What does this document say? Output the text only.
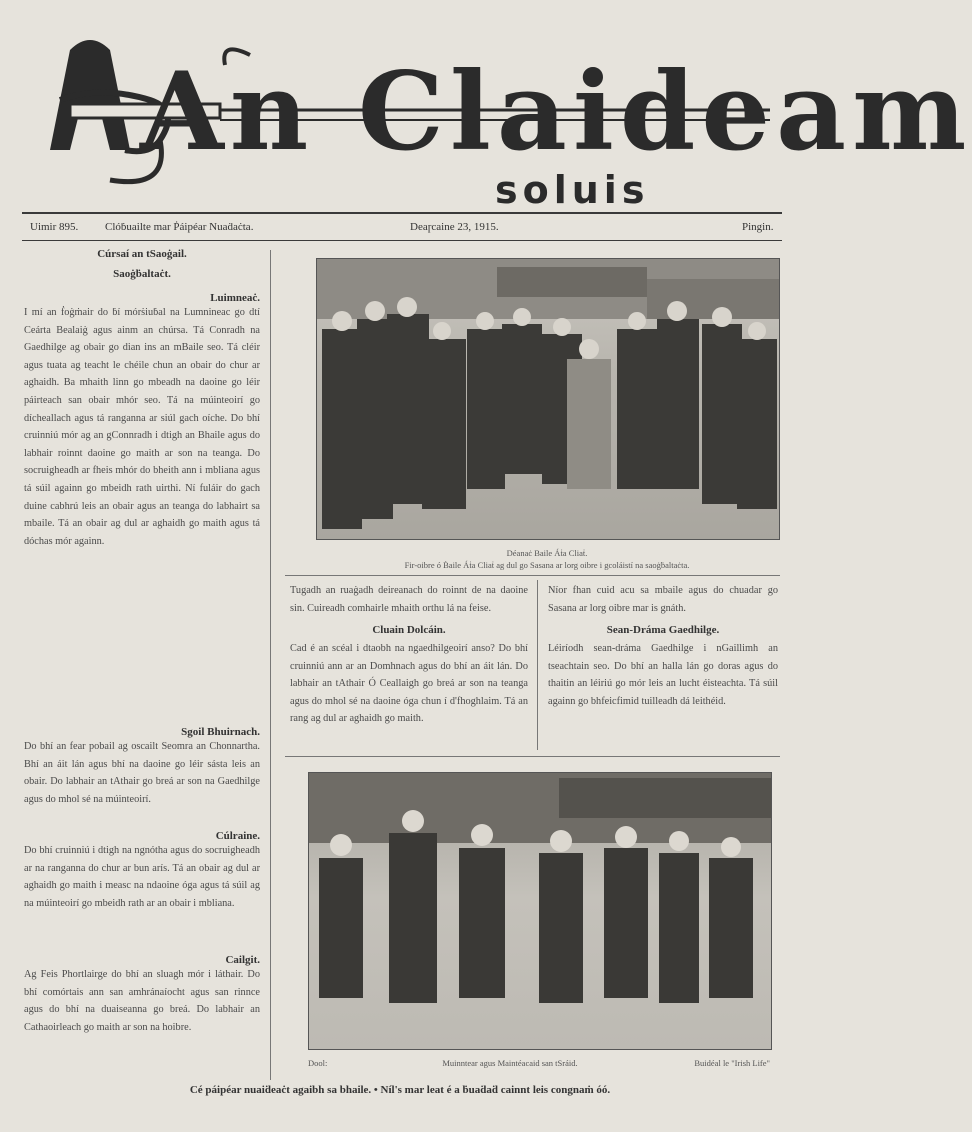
An Claideam
soluis
Uimir 895. Clóḃuailte mar Ṗáipéar Nuaḋaċta.	Deaɼcaine 23, 1915.	Pingin.
Cúrsaí an tSaoġail.
Saoġḃaltaċt.
Luimneaċ.

I mí an ḟoġṁair do ḃí mórṡiuḃal na Lumnineac go dtí Ceárta Bealaiġ agus ainm an chúrsa. Tá Conradh na Gaedhilge ag obair go dian ins an mBaile seo. Tá cléir agus tuata ag teacht le chéile chun an obair do chur ar aghaidh. Ba mhaith linn go mbeadh na daoine go léir páirteach san obair mhór seo. Tá na múinteoirí go dícheallach agus tá ranganna ar siúl gach oíche. Do bhí cruinniú mór ag an gConnradh i dtigh an Bhaile agus do labhair roinnt daoine go maith ar son na teanga. Do socruigheadh ar fheis mhór do bheith ann i mbliana agus tá súil againn go mbeidh rath uirthi. Ní fuláir do gach duine cabhrú leis an obair agus an teanga do labhairt sa mbaile. Tá an obair ag dul ar aghaidh go maith agus tá dóchas mór againn.

Sgoil Bhuirnach.

Do bhí an fear pobail ag oscailt Seomra an Chonnartha. Bhí an áit lán agus bhí na daoine go léir sásta leis an obair. Do labhair an tAthair go breá ar son na Gaedhilge agus do mhol sé na múinteoirí.

Cúlraine.

Do bhí cruinniú i dtigh na ngnótha agus do socruigheadh ar na ranganna do chur ar bun arís. Tá an obair ag dul ar aghaidh go maith i measc na ndaoine óga agus tá súil ag na múinteoirí go mbeidh rath ar an obair i mbliana.

Cailgit.

Ag Feis Phortlairge do bhí an sluagh mór i láthair. Do bhí comórtais ann san amhránaíocht agus san rinnce agus do bhí na duaiseanna go breá. Do labhair an Cathaoirleach go maith ar son na hoibre.

Déanaċ Baile Áṫa Cliaṫ.
Fir-oibre ó Ḃaile Áṫa Cliaṫ ag dul go Sasana ar lorg oibre i gcoláistí na saoġḃaltaċta.

Tugadh an ruaġadh deireanach do roinnt de na daoine sin. Cuireadh comhairle mhaith orthu lá na feise.

Cluain Dolcáin.

Cad é an scéal i dtaobh na ngaedhilgeoirí anso? Do bhí cruinniú ann ar an Domhnach agus do bhí an áit lán. Do labhair an tAthair Ó Ceallaigh go breá ar son na teanga agus do mhol sé na daoine óga chun í d'fhoghlaim. Tá an rang ag dul ar aghaidh go maith.

Níor fhan cuid acu sa mbaile agus do chuadar go Sasana ar lorg oibre mar is gnáth.

Sean-Dráma Gaedhilge.

Léiríodh sean-dráma Gaedhilge i nGaillimh an tseachtain seo. Do bhí an halla lán go doras agus do thaitin an léiriú go mór leis an lucht éisteachta. Tá súil againn go bhfeicfimid tuilleadh dá leithéid.

Dool:	Muinntear agus Maintéacaid san tSráid.	Buidéal le "Irish Life"
Cé páipéar nuaiḋeaċt agaibh sa bhaile. • Níl's mar leat é a ḃuaḋaḋ cainnt leis congnaṁ óó.
